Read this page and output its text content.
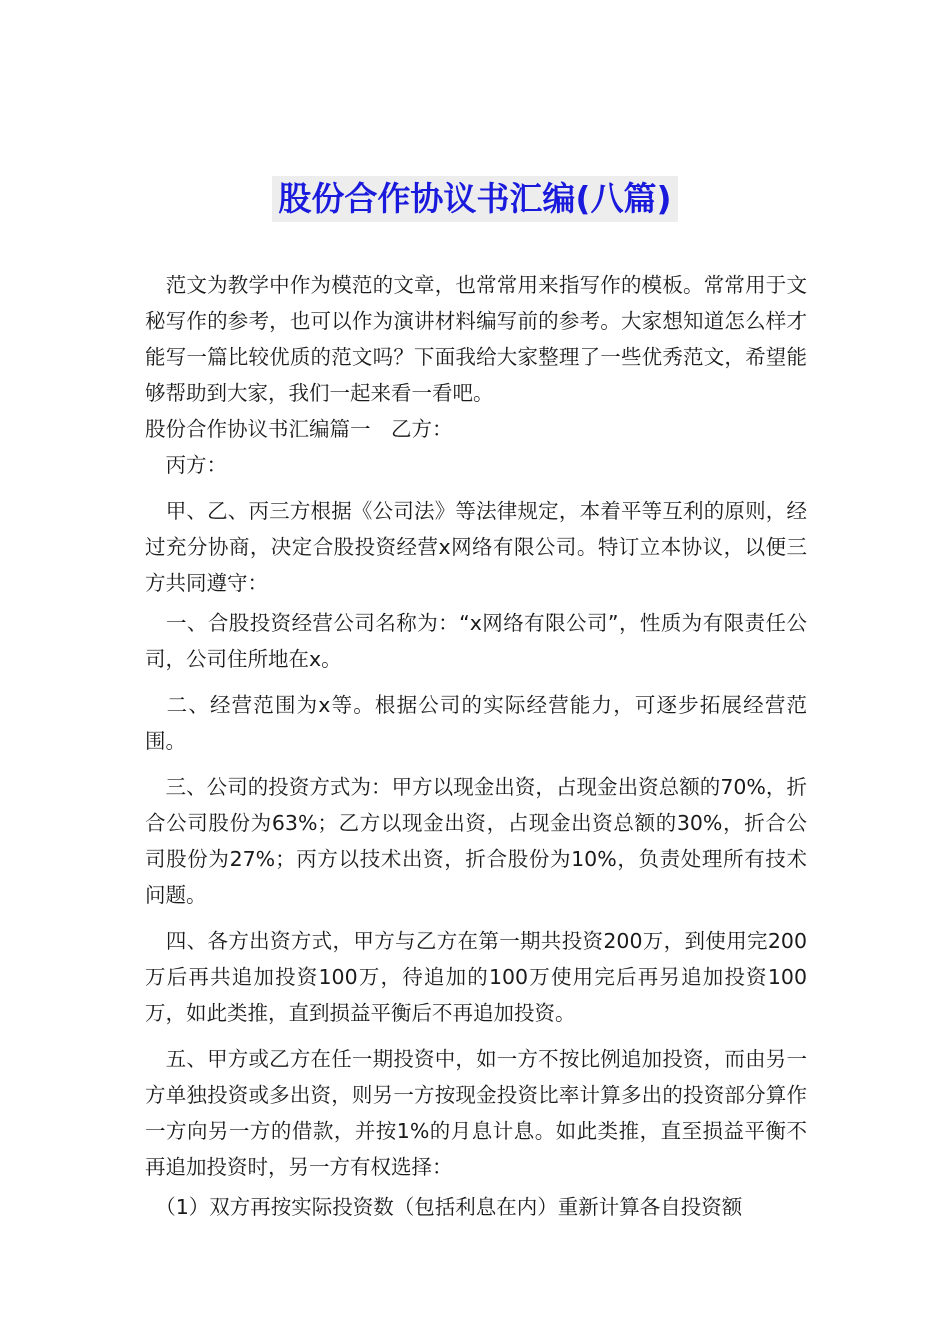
股份合作协议书汇编(八篇)

　范文为教学中作为模范的文章，也常常用来指写作的模板。常常用于文秘写作的参考，也可以作为演讲材料编写前的参考。大家想知道怎么样才能写一篇比较优质的范文吗？下面我给大家整理了一些优秀范文，希望能够帮助到大家，我们一起来看一看吧。

股份合作协议书汇编篇一　乙方：

　丙方：

　甲、乙、丙三方根据《公司法》等法律规定，本着平等互利的原则，经过充分协商，决定合股投资经营x网络有限公司。特订立本协议，以便三方共同遵守：

　一、合股投资经营公司名称为：“x网络有限公司”，性质为有限责任公司，公司住所地在x。

　二、经营范围为x等。根据公司的实际经营能力，可逐步拓展经营范围。

　三、公司的投资方式为：甲方以现金出资，占现金出资总额的70%，折合公司股份为63%；乙方以现金出资，占现金出资总额的30%，折合公司股份为27%；丙方以技术出资，折合股份为10%，负责处理所有技术问题。

　四、各方出资方式，甲方与乙方在第一期共投资200万，到使用完200万后再共追加投资100万，待追加的100万使用完后再另追加投资100万，如此类推，直到损益平衡后不再追加投资。

　五、甲方或乙方在任一期投资中，如一方不按比例追加投资，而由另一方单独投资或多出资，则另一方按现金投资比率计算多出的投资部分算作一方向另一方的借款，并按1%的月息计息。如此类推，直至损益平衡不再追加投资时，另一方有权选择：

　（1）双方再按实际投资数（包括利息在内）重新计算各自投资额
